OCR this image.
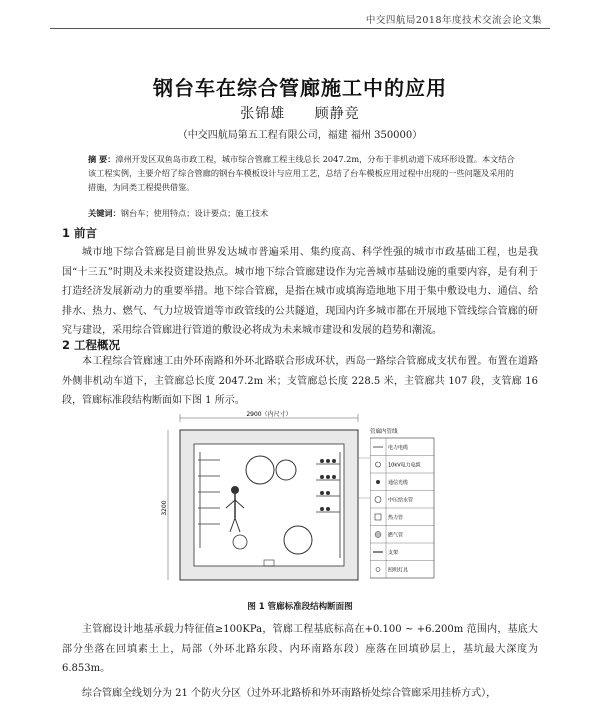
中交四航局2018年度技术交流会论文集
钢台车在综合管廊施工中的应用
张锦雄 顾静竞
（中交四航局第五工程有限公司，福建 福州 350000）
摘 要：漳州开发区双鱼岛市政工程，城市综合管廊工程主线总长 2047.2m，分布于非机动道下成环形设置。本文结合该工程实例，主要介绍了综合管廊的钢台车模板设计与应用工艺，总结了台车模板应用过程中出现的一些问题及采用的措施，为同类工程提供借鉴。
关键词：钢台车；使用特点；设计要点；施工技术
1 前言
城市地下综合管廊是目前世界发达城市普遍采用、集约度高、科学性强的城市市政基础工程，也是我国“十三五”时期及未来投资建设热点。城市地下综合管廊建设作为完善城市基础设施的重要内容，是有利于打造经济发展新动力的重要举措。地下综合管廊，是指在城市或填海造地地下用于集中敷设电力、通信、给排水、热力、燃气、气力垃圾管道等市政管线的公共隧道，现国内许多城市都在开展地下管线综合管廊的研究与建设，采用综合管廊进行管道的敷设必将成为未来城市建设和发展的趋势和潮流。
2 工程概况
本工程综合管廊速工由外环南路和外环北路联合形成环状，西岛一路综合管廊成支状布置。布置在道路外侧非机动车道下，主管廊总长度 2047.2m 米；支管廊总长度 228.5 米，主管廊共 107 段，支管廊 16 段，管廊标准段结构断面如下图 1 所示。
2900（内尺寸）
3200
管廊内管线
电力电缆
10kV电力电缆
通信光缆
中压给水管
热力管
燃气管
支架
照明灯具
图 1 管廊标准段结构断面图
主管廊设计地基承载力特征值≥100KPa，管廊工程基底标高在+0.100 ~ +6.200m 范围内，基底大部分坐落在回填素土上，局部（外环北路东段、内环南路东段）座落在回填砂层上，基坑最大深度为 6.853m。
综合管廊全线划分为 21 个防火分区（过外环北路桥和外环南路桥处综合管廊采用挂桥方式），
